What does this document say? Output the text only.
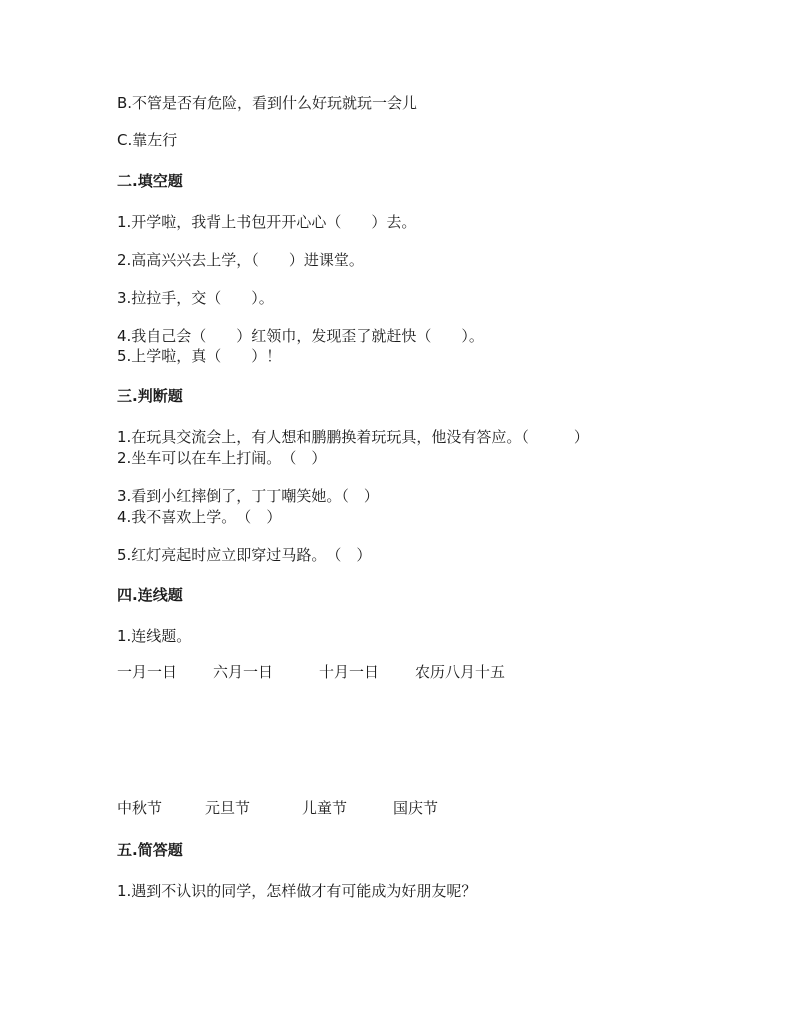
B.不管是否有危险，看到什么好玩就玩一会儿
C.靠左行
二.填空题
1.开学啦，我背上书包开开心心（　　）去。
2.高高兴兴去上学，（　　）进课堂。
3.拉拉手，交（　　）。
4.我自己会（　　）红领巾，发现歪了就赶快（　　）。
5.上学啦，真（　　）！
三.判断题
1.在玩具交流会上，有人想和鹏鹏换着玩玩具，他没有答应。（　　　）
2.坐车可以在车上打闹。　（　）
3.看到小红摔倒了，丁丁嘲笑她。（　）
4.我不喜欢上学。　（　）
5.红灯亮起时应立即穿过马路。　（　）
四.连线题
1.连线题。
一月一日 六月一日	十月一日 农历八月十五
中秋节	元旦节	儿童节	国庆节
五.简答题
1.遇到不认识的同学，怎样做才有可能成为好朋友呢？
